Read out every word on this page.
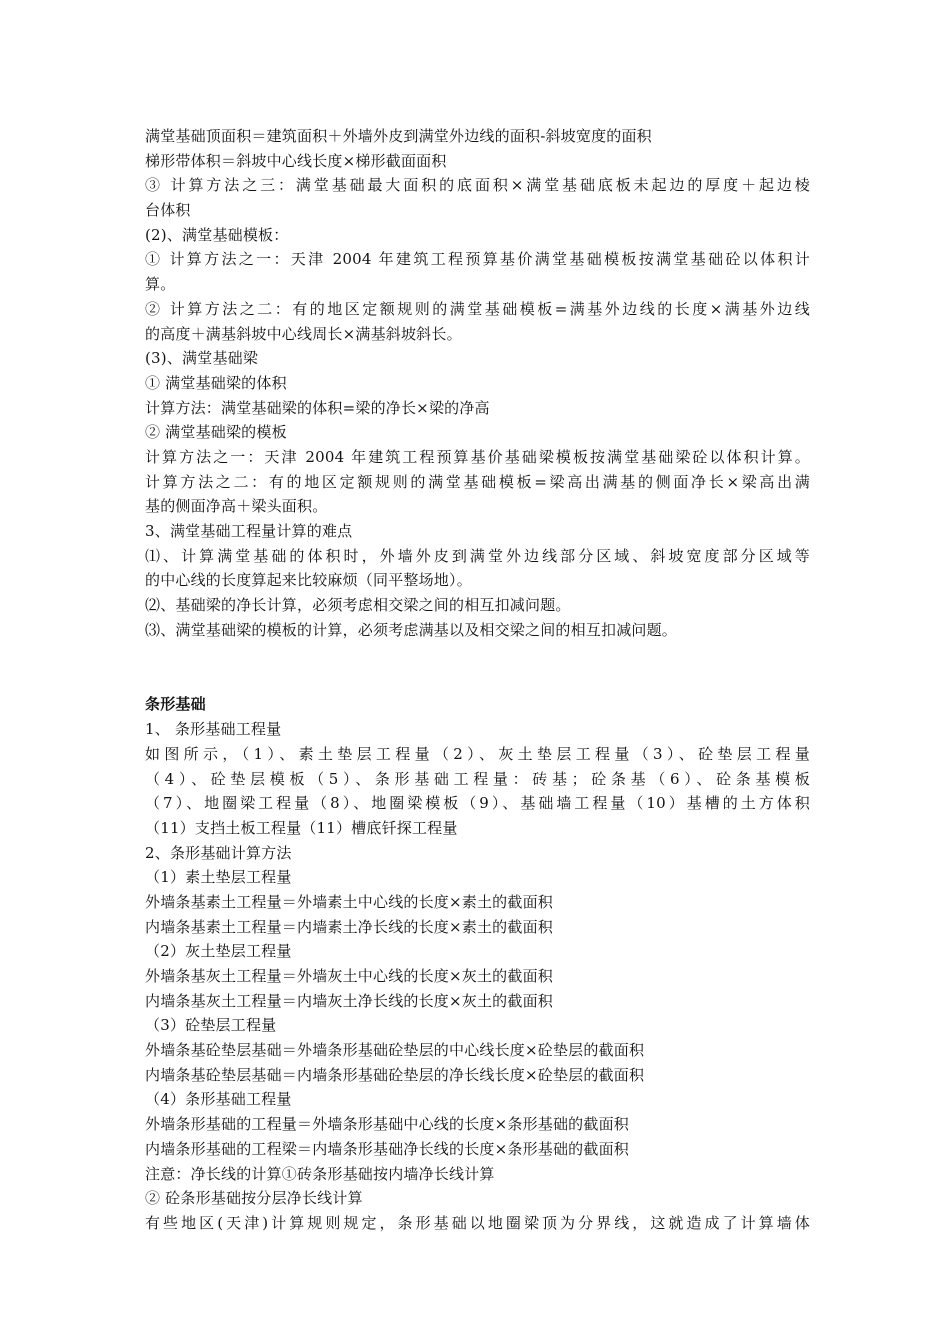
满堂基础顶面积＝建筑面积＋外墙外皮到满堂外边线的面积-斜坡宽度的面积
梯形带体积＝斜坡中心线长度×梯形截面面积
③ 计算方法之三：满堂基础最大面积的底面积×满堂基础底板未起边的厚度＋起边棱
台体积
(2)、满堂基础模板：
① 计算方法之一：天津 2004 年建筑工程预算基价满堂基础模板按满堂基础砼以体积计
算。
② 计算方法之二：有的地区定额规则的满堂基础模板=满基外边线的长度×满基外边线
的高度＋满基斜坡中心线周长×满基斜坡斜长。
(3)、满堂基础梁
① 满堂基础梁的体积
计算方法：满堂基础梁的体积=梁的净长×梁的净高
② 满堂基础梁的模板
计算方法之一：天津 2004 年建筑工程预算基价基础梁模板按满堂基础梁砼以体积计算。
计算方法之二：有的地区定额规则的满堂基础模板=梁高出满基的侧面净长×梁高出满
基的侧面净高＋梁头面积。
3、满堂基础工程量计算的难点
⑴、计算满堂基础的体积时，外墙外皮到满堂外边线部分区域、斜坡宽度部分区域等
的中心线的长度算起来比较麻烦（同平整场地）。
⑵、基础梁的净长计算，必须考虑相交梁之间的相互扣减问题。
⑶、满堂基础梁的模板的计算，必须考虑满基以及相交梁之间的相互扣减问题。
条形基础
1、 条形基础工程量
如图所示，（1）、素土垫层工程量（2）、灰土垫层工程量（3）、砼垫层工程量
（4）、砼垫层模板（5）、条形基础工程量：砖基；砼条基（6）、砼条基模板
（7）、地圈梁工程量（8）、地圈梁模板（9）、基础墙工程量（10）基槽的土方体积
（11）支挡土板工程量（11）槽底钎探工程量
2、条形基础计算方法
（1）素土垫层工程量
外墙条基素土工程量＝外墙素土中心线的长度×素土的截面积
内墙条基素土工程量＝内墙素土净长线的长度×素土的截面积
（2）灰土垫层工程量
外墙条基灰土工程量＝外墙灰土中心线的长度×灰土的截面积
内墙条基灰土工程量＝内墙灰土净长线的长度×灰土的截面积
（3）砼垫层工程量
外墙条基砼垫层基础＝外墙条形基础砼垫层的中心线长度×砼垫层的截面积
内墙条基砼垫层基础＝内墙条形基础砼垫层的净长线长度×砼垫层的截面积
（4）条形基础工程量
外墙条形基础的工程量＝外墙条形基础中心线的长度×条形基础的截面积
内墙条形基础的工程梁＝内墙条形基础净长线的长度×条形基础的截面积
注意：净长线的计算①砖条形基础按内墙净长线计算
② 砼条形基础按分层净长线计算
有些地区(天津)计算规则规定，条形基础以地圈梁顶为分界线，这就造成了计算墙体
